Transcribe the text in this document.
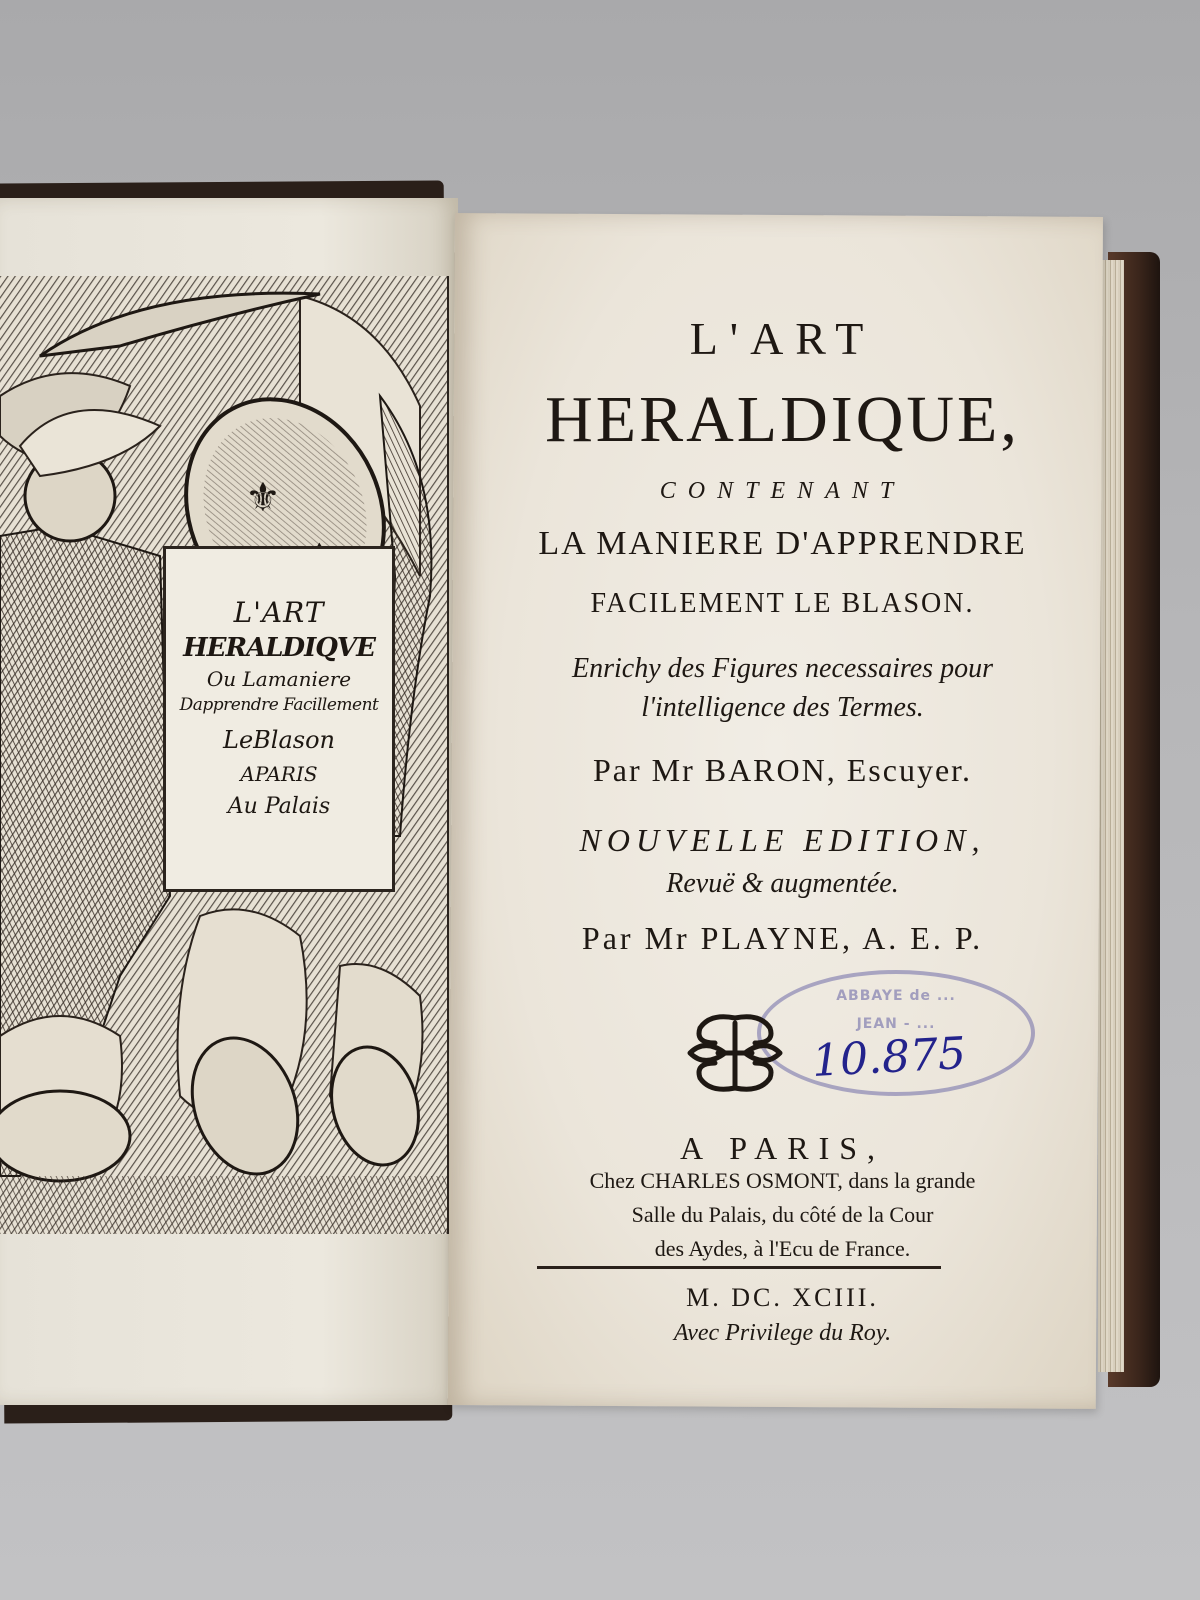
⚜
L'ART
HERALDIQVE
Ou Lamaniere
Dapprendre Facillement
LeBlason
APARIS
Au Palais
L'ART
HERALDIQUE,
CONTENANT
LA MANIERE D'APPRENDRE
FACILEMENT LE BLASON.
Enrichy des Figures necessaires pour
l'intelligence des Termes.
Par Mr BARON, Escuyer.
NOUVELLE EDITION,
Revuë & augmentée.
Par Mr PLAYNE, A. E. P.
ABBAYE de ...
JEAN - ...
10.875
A PARIS,
Chez CHARLES OSMONT, dans la grande
Salle du Palais, du côté de la Cour
des Aydes, à l'Ecu de France.
M. DC. XCIII.
Avec Privilege du Roy.
